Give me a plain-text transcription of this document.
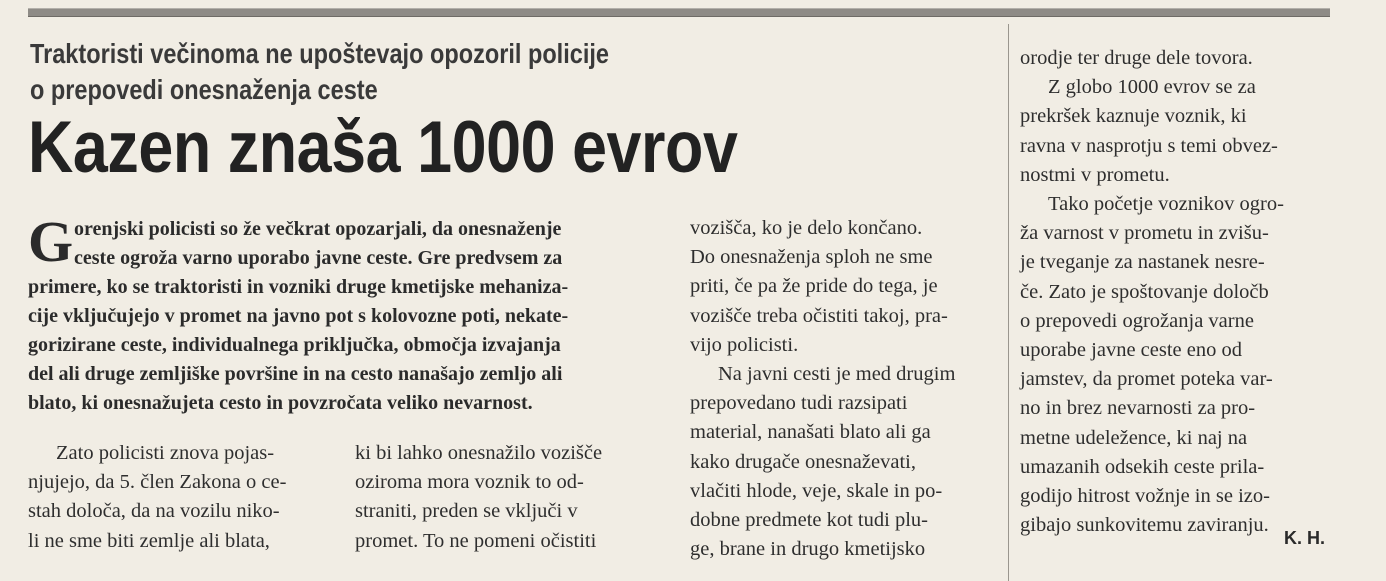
Traktoristi večinoma ne upoštevajo opozoril policije
o prepovedi onesnaženja ceste
Kazen znaša 1000 evrov
G orenjski policisti so že večkrat opozarjali, da onesnaženje
ceste ogroža varno uporabo javne ceste. Gre predvsem za
primere, ko se traktoristi in vozniki druge kmetijske mehaniza-
cije vključujejo v promet na javno pot s kolovozne poti, nekate-
gorizirane ceste, individualnega priključka, območja izvajanja
del ali druge zemljiške površine in na cesto nanašajo zemljo ali
blato, ki onesnažujeta cesto in povzročata veliko nevarnost.
Zato policisti znova pojas-
njujejo, da 5. člen Zakona o ce-
stah določa, da na vozilu niko-
li ne sme biti zemlje ali blata,
ki bi lahko onesnažilo vozišče
oziroma mora voznik to od-
straniti, preden se vključi v
promet. To ne pomeni očistiti
vozišča, ko je delo končano.
Do onesnaženja sploh ne sme
priti, če pa že pride do tega, je
vozišče treba očistiti takoj, pra-
vijo policisti.
Na javni cesti je med drugim
prepovedano tudi razsipati
material, nanašati blato ali ga
kako drugače onesnaževati,
vlačiti hlode, veje, skale in po-
dobne predmete kot tudi plu-
ge, brane in drugo kmetijsko
orodje ter druge dele tovora.
Z globo 1000 evrov se za
prekršek kaznuje voznik, ki
ravna v nasprotju s temi obvez-
nostmi v prometu.
Tako početje voznikov ogro-
ža varnost v prometu in zvišu-
je tveganje za nastanek nesre-
če. Zato je spoštovanje določb
o prepovedi ogrožanja varne
uporabe javne ceste eno od
jamstev, da promet poteka var-
no in brez nevarnosti za pro-
metne udeležence, ki naj na
umazanih odsekih ceste prila-
godijo hitrost vožnje in se izo-
gibajo sunkovitemu zaviranju.
K. H.
